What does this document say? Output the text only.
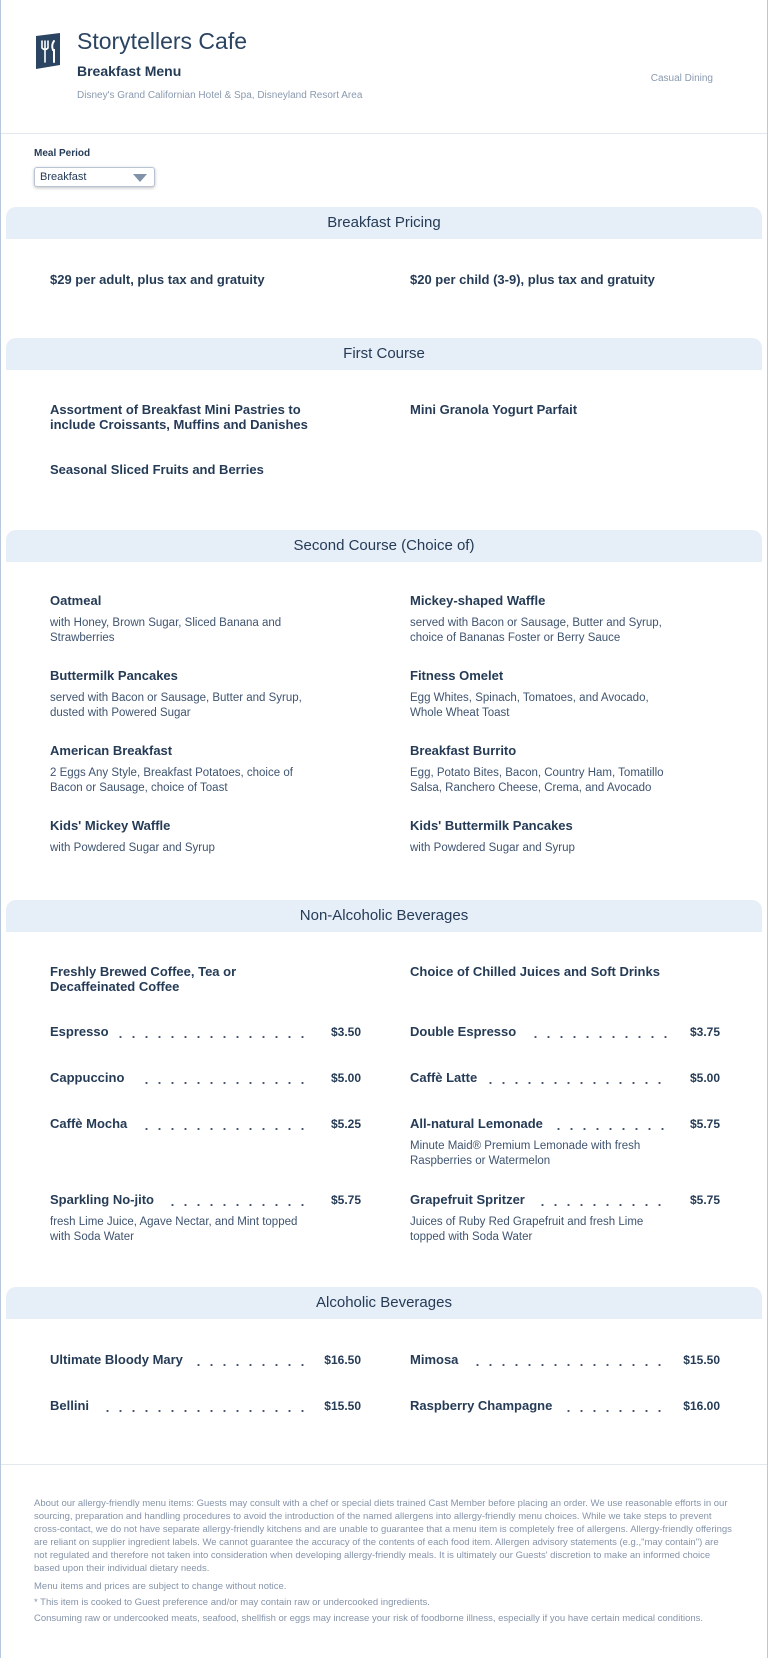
Storytellers Cafe
Breakfast Menu
Disney's Grand Californian Hotel & Spa, Disneyland Resort Area
Casual Dining
Meal Period
Breakfast
Breakfast Pricing
$29 per adult, plus tax and gratuity	$20 per child (3-9), plus tax and gratuity
First Course
Assortment of Breakfast Mini Pastries to include Croissants, Muffins and Danishes
Mini Granola Yogurt Parfait
Seasonal Sliced Fruits and Berries
Second Course (Choice of)
Oatmeal
with Honey, Brown Sugar, Sliced Banana and Strawberries
Mickey-shaped Waffle
served with Bacon or Sausage, Butter and Syrup, choice of Bananas Foster or Berry Sauce
Buttermilk Pancakes
served with Bacon or Sausage, Butter and Syrup, dusted with Powered Sugar
Fitness Omelet
Egg Whites, Spinach, Tomatoes, and Avocado, Whole Wheat Toast
American Breakfast
2 Eggs Any Style, Breakfast Potatoes, choice of Bacon or Sausage, choice of Toast
Breakfast Burrito
Egg, Potato Bites, Bacon, Country Ham, Tomatillo Salsa, Ranchero Cheese, Crema, and Avocado
Kids' Mickey Waffle
with Powdered Sugar and Syrup
Kids' Buttermilk Pancakes
with Powdered Sugar and Syrup
Non-Alcoholic Beverages
Freshly Brewed Coffee, Tea or Decaffeinated Coffee
Choice of Chilled Juices and Soft Drinks
Espresso	$3.50	Double Espresso	$3.75
Cappuccino	$5.00	Caffè Latte	$5.00
Caffè Mocha	$5.25	All-natural Lemonade	$5.75
Minute Maid® Premium Lemonade with fresh Raspberries or Watermelon
Sparkling No-jito	$5.75
fresh Lime Juice, Agave Nectar, and Mint topped with Soda Water
Grapefruit Spritzer	$5.75
Juices of Ruby Red Grapefruit and fresh Lime topped with Soda Water
Alcoholic Beverages
Ultimate Bloody Mary	$16.50	Mimosa	$15.50
Bellini	$15.50	Raspberry Champagne	$16.00
About our allergy-friendly menu items: Guests may consult with a chef or special diets trained Cast Member before placing an order. We use reasonable efforts in our sourcing, preparation and handling procedures to avoid the introduction of the named allergens into allergy-friendly menu choices. While we take steps to prevent cross-contact, we do not have separate allergy-friendly kitchens and are unable to guarantee that a menu item is completely free of allergens. Allergy-friendly offerings are reliant on supplier ingredient labels. We cannot guarantee the accuracy of the contents of each food item. Allergen advisory statements (e.g.,"may contain") are not regulated and therefore not taken into consideration when developing allergy-friendly meals. It is ultimately our Guests' discretion to make an informed choice based upon their individual dietary needs.
Menu items and prices are subject to change without notice.
* This item is cooked to Guest preference and/or may contain raw or undercooked ingredients.
Consuming raw or undercooked meats, seafood, shellfish or eggs may increase your risk of foodborne illness, especially if you have certain medical conditions.
